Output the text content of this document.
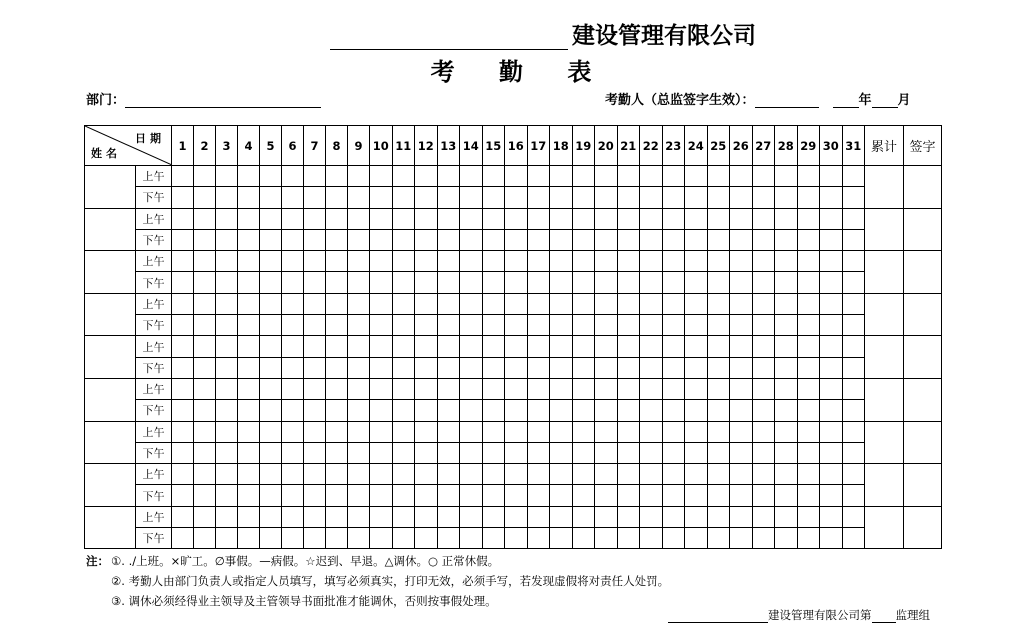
建设管理有限公司
考 勤 表
部门：	考勤人（总监签字生效）：	年 月
日期
姓名		1	2	3	4	5	6	7	8	9	10	11	12	13	14	15	16	17	18	19	20	21	22	23	24	25	26	27	28	29	30	31	累计	签字
	上午																																	
	下午																																	
	上午																																	
	下午																																	
	上午																																	
	下午																																	
	上午																																	
	下午																																	
	上午																																	
	下午																																	
	上午																																	
	下午																																	
	上午																																	
	下午																																	
	上午																																	
	下午																																	
	上午																																	
	下午																																	
注： ①. ./上班。×旷工。∅事假。—病假。☆迟到、早退。△调休。○ 正常休假。
②. 考勤人由部门负责人或指定人员填写，填写必须真实，打印无效，必须手写，若发现虚假将对责任人处罚。
③. 调休必须经得业主领导及主管领导书面批准才能调休，否则按事假处理。
建设管理有限公司第 监理组
